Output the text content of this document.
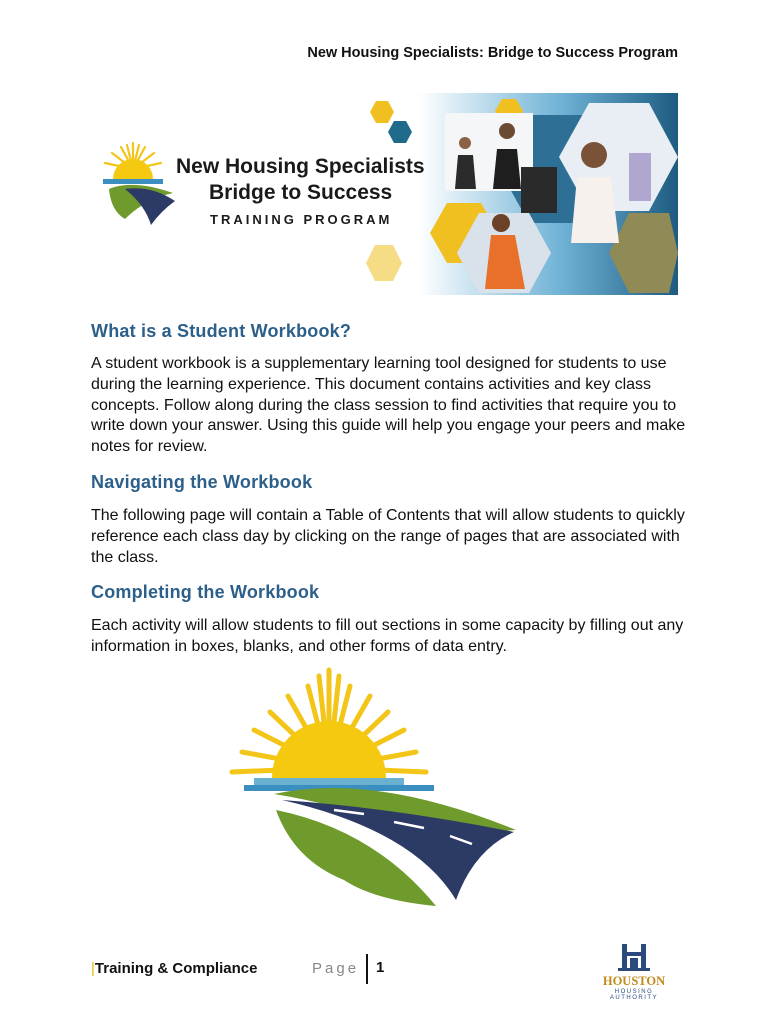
New Housing Specialists: Bridge to Success Program
New Housing Specialists
Bridge to Success
TRAINING PROGRAM
What is a Student Workbook?

A student workbook is a supplementary learning tool designed for students to use during the learning experience. This document contains activities and key class concepts. Follow along during the class session to find activities that require you to write down your answer. Using this guide will help you engage your peers and make notes for review.

Navigating the Workbook

The following page will contain a Table of Contents that will allow students to quickly reference each class day by clicking on the range of pages that are associated with the class.

Completing the Workbook

Each activity will allow students to fill out sections in some capacity by filling out any information in boxes, blanks, and other forms of data entry.

|Training & Compliance	Page 1
HOUSTON
HOUSING AUTHORITY
